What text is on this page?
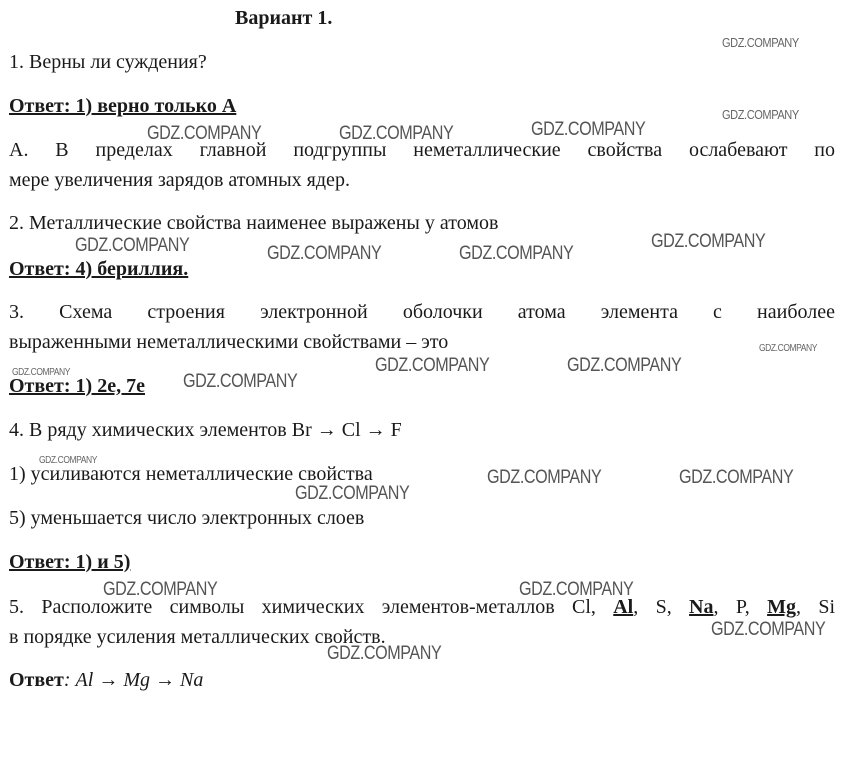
Вариант 1.
1. Верны ли суждения?
Ответ: 1) верно только А
А. В пределах главной подгруппы неметаллические свойства ослабевают по
мере увеличения зарядов атомных ядер.
2. Металлические свойства наименее выражены у атомов
Ответ: 4) бериллия.
3. Схема строения электронной оболочки атома элемента с наиболее
выраженными неметаллическими свойствами – это
Ответ: 1) 2е, 7е
4. В ряду химических элементов Br → Cl → F
1) усиливаются неметаллические свойства
5) уменьшается число электронных слоев
Ответ: 1) и 5)
5. Расположите символы химических элементов-металлов Cl, Al, S, Na, P, Mg, Si
в порядке усиления металлических свойств.
Ответ: Al → Mg → Na
GDZ.COMPANY
GDZ.COMPANY
GDZ.COMPANY	GDZ.COMPANY	GDZ.COMPANY
GDZ.COMPANY	GDZ.COMPANY
GDZ.COMPANY	GDZ.COMPANY
GDZ.COMPANY
GDZ.COMPANY	GDZ.COMPANY
GDZ.COMPANY	GDZ.COMPANY
GDZ.COMPANY
GDZ.COMPANY	GDZ.COMPANY
GDZ.COMPANY
GDZ.COMPANY	GDZ.COMPANY
GDZ.COMPANY
GDZ.COMPANY
